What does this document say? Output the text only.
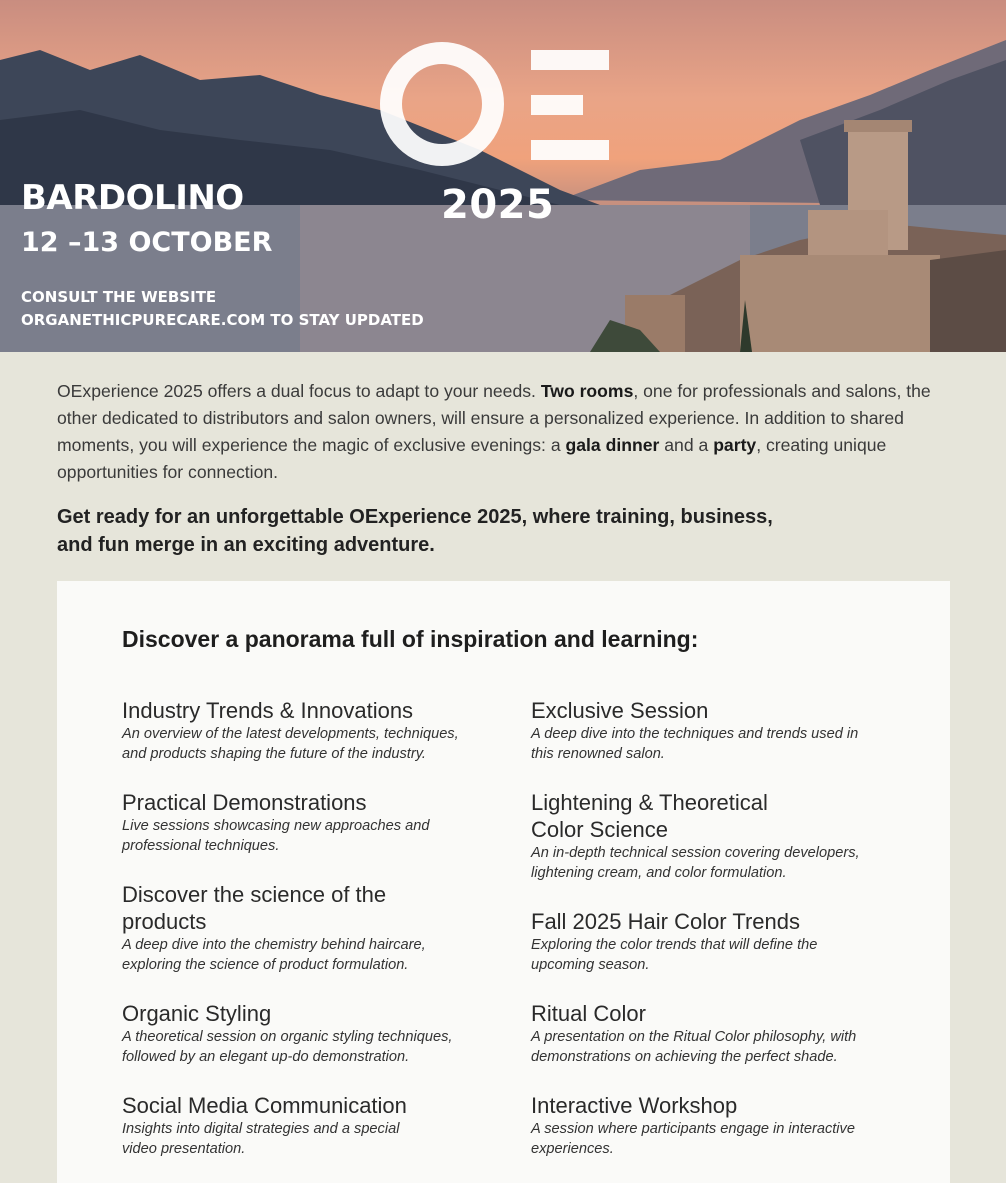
2025
BARDOLINO
12 –13 OCTOBER
CONSULT THE WEBSITE
ORGANETHICPURECARE.COM TO STAY UPDATED

OExperience 2025 offers a dual focus to adapt to your needs. Two rooms, one for professionals and salons, the other dedicated to distributors and salon owners, will ensure a personalized experience. In addition to shared moments, you will experience the magic of exclusive evenings: a gala dinner and a party, creating unique opportunities for connection.

Get ready for an unforgettable OExperience 2025, where training, business,
and fun merge in an exciting adventure.
Discover a panorama full of inspiration and learning:
Industry Trends & Innovations
An overview of the latest developments, techniques,
and products shaping the future of the industry.
Practical Demonstrations
Live sessions showcasing new approaches and
professional techniques.
Discover the science of the products
A deep dive into the chemistry behind haircare,
exploring the science of product formulation.
Organic Styling
A theoretical session on organic styling techniques,
followed by an elegant up-do demonstration.
Social Media Communication
Insights into digital strategies and a special
video presentation.
Exclusive Session
A deep dive into the techniques and trends used in
this renowned salon.
Lightening & Theoretical Color Science
An in-depth technical session covering developers,
lightening cream, and color formulation.
Fall 2025 Hair Color Trends
Exploring the color trends that will define the
upcoming season.
Ritual Color
A presentation on the Ritual Color philosophy, with
demonstrations on achieving the perfect shade.
Interactive Workshop
A session where participants engage in interactive
experiences.
